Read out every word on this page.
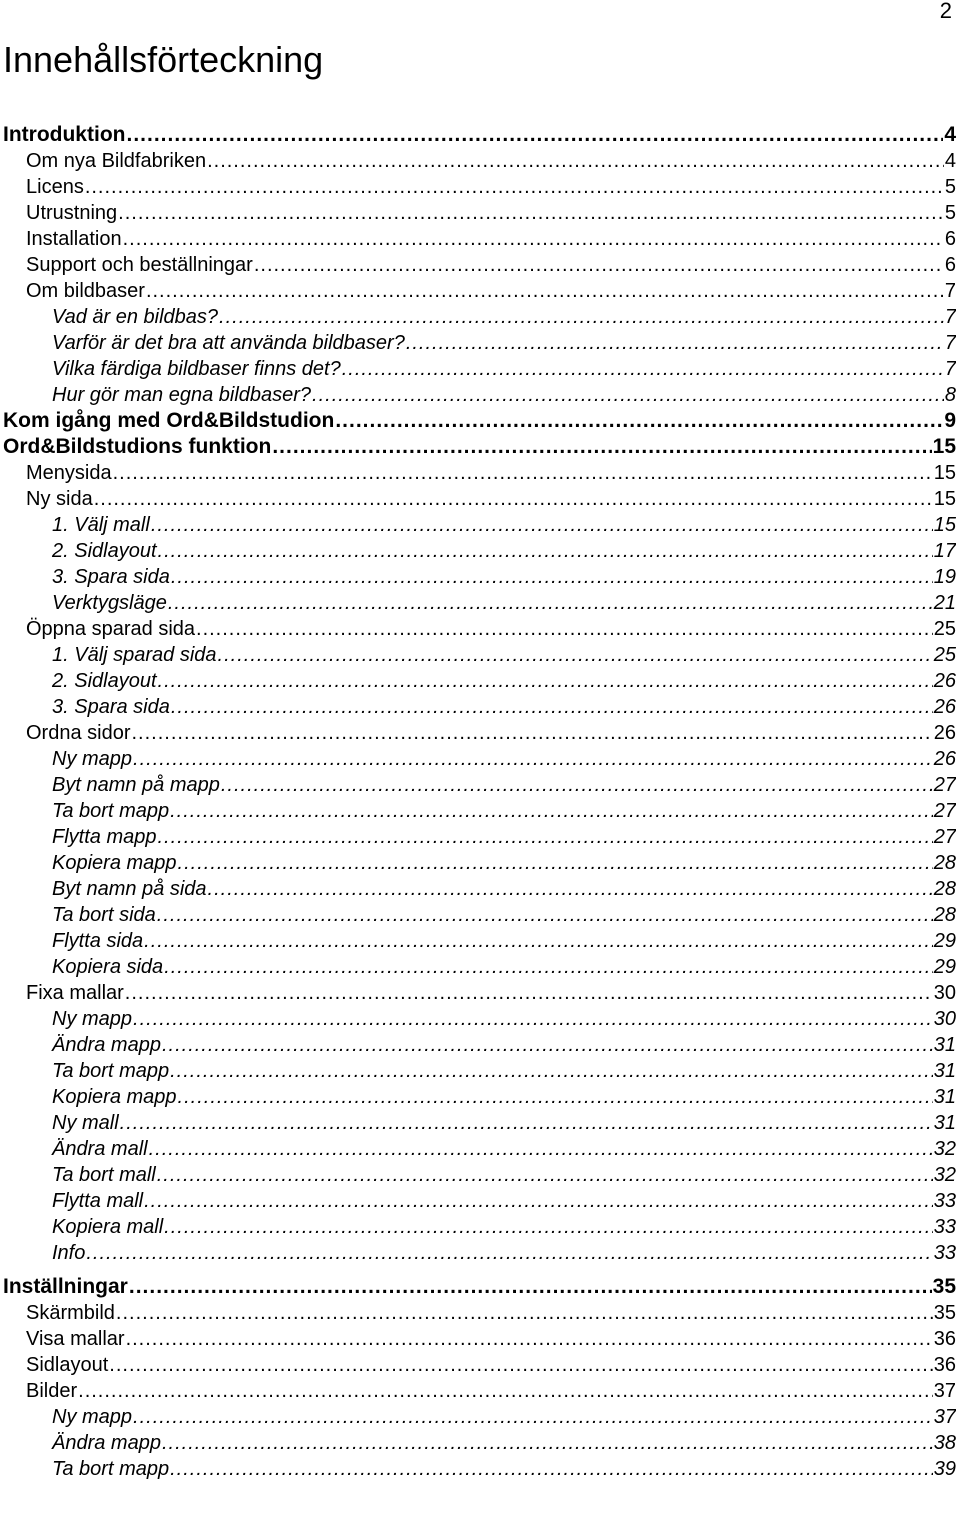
2
Innehållsförteckning
Introduktion .....	4
Om nya Bildfabriken .....	4
Licens .....	5
Utrustning .....	5
Installation .....	6
Support och beställningar .....	6
Om bildbaser .....	7
Vad är en bildbas? .....	7
Varför är det bra att använda bildbaser? .....	7
Vilka färdiga bildbaser finns det? .....	7
Hur gör man egna bildbaser? .....	8
Kom igång med Ord&Bildstudion .....	9
Ord&Bildstudions funktion .....	15
Menysida .....	15
Ny sida .....	15
1. Välj mall .....	15
2. Sidlayout .....	17
3. Spara sida .....	19
Verktygsläge .....	21
Öppna sparad sida .....	25
1. Välj sparad sida .....	25
2. Sidlayout .....	26
3. Spara sida .....	26
Ordna sidor .....	26
Ny mapp .....	26
Byt namn på mapp .....	27
Ta bort mapp .....	27
Flytta mapp .....	27
Kopiera mapp .....	28
Byt namn på sida .....	28
Ta bort sida .....	28
Flytta sida .....	29
Kopiera sida .....	29
Fixa mallar .....	30
Ny mapp .....	30
Ändra mapp .....	31
Ta bort mapp .....	31
Kopiera mapp .....	31
Ny mall .....	31
Ändra mall .....	32
Ta bort mall .....	32
Flytta mall .....	33
Kopiera mall .....	33
Info .....	33
Inställningar .....	35
Skärmbild .....	35
Visa mallar .....	36
Sidlayout .....	36
Bilder .....	37
Ny mapp .....	37
Ändra mapp .....	38
Ta bort mapp .....	39
